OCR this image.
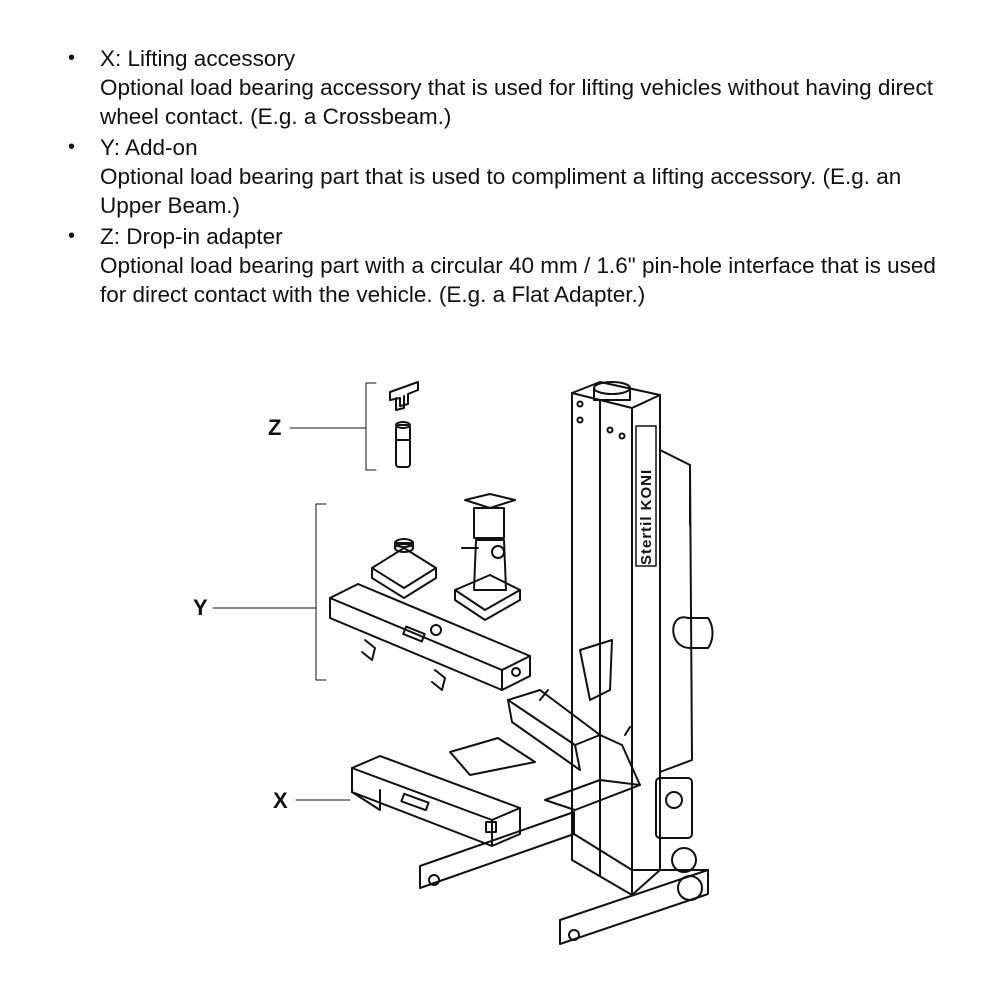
• X: Lifting accessory
Optional load bearing accessory that is used for lifting vehicles without having direct wheel contact. (E.g. a Crossbeam.)
• Y: Add-on
Optional load bearing part that is used to compliment a lifting accessory. (E.g. an Upper Beam.)
• Z: Drop-in adapter
Optional load bearing part with a circular 40 mm / 1.6" pin-hole interface that is used for direct contact with the vehicle. (E.g. a Flat Adapter.)
Z
Y
X
Stertil KONI
